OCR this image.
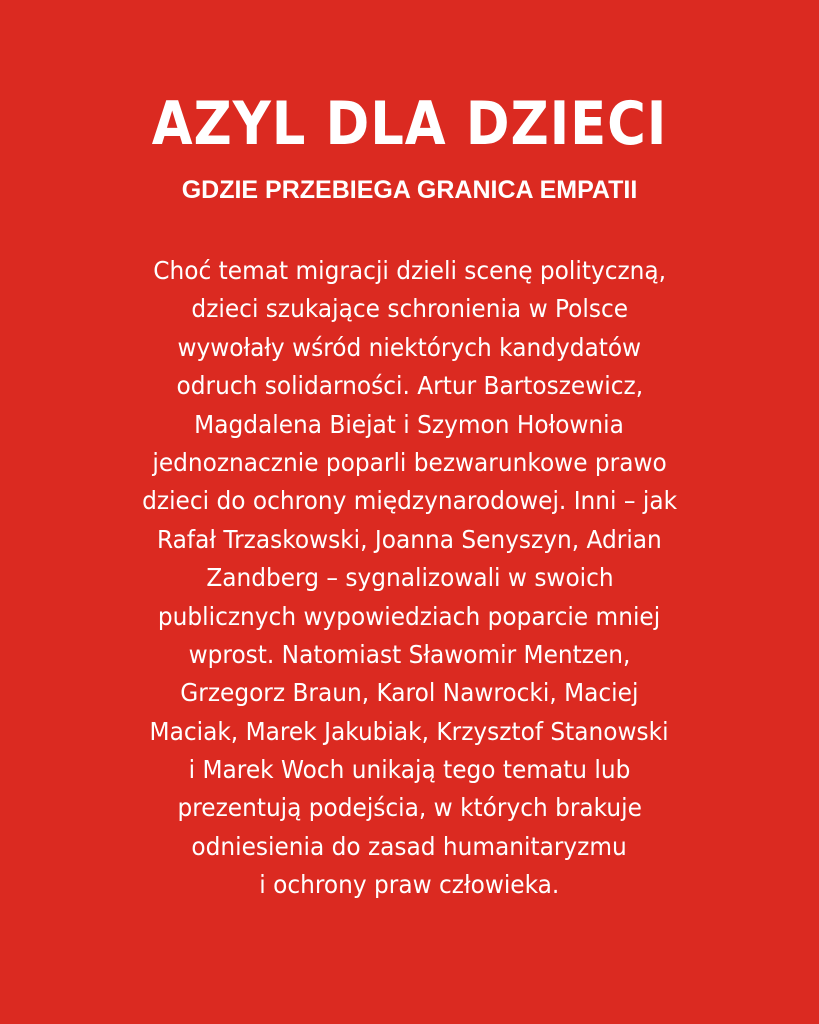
AZYL DLA DZIECI
GDZIE PRZEBIEGA GRANICA EMPATII
Choć temat migracji dzieli scenę polityczną,
dzieci szukające schronienia w Polsce
wywołały wśród niektórych kandydatów
odruch solidarności. Artur Bartoszewicz,
Magdalena Biejat i Szymon Hołownia
jednoznacznie poparli bezwarunkowe prawo
dzieci do ochrony międzynarodowej. Inni – jak
Rafał Trzaskowski, Joanna Senyszyn, Adrian
Zandberg – sygnalizowali w swoich
publicznych wypowiedziach poparcie mniej
wprost. Natomiast Sławomir Mentzen,
Grzegorz Braun, Karol Nawrocki, Maciej
Maciak, Marek Jakubiak, Krzysztof Stanowski
i Marek Woch unikają tego tematu lub
prezentują podejścia, w których brakuje
odniesienia do zasad humanitaryzmu
i ochrony praw człowieka.
